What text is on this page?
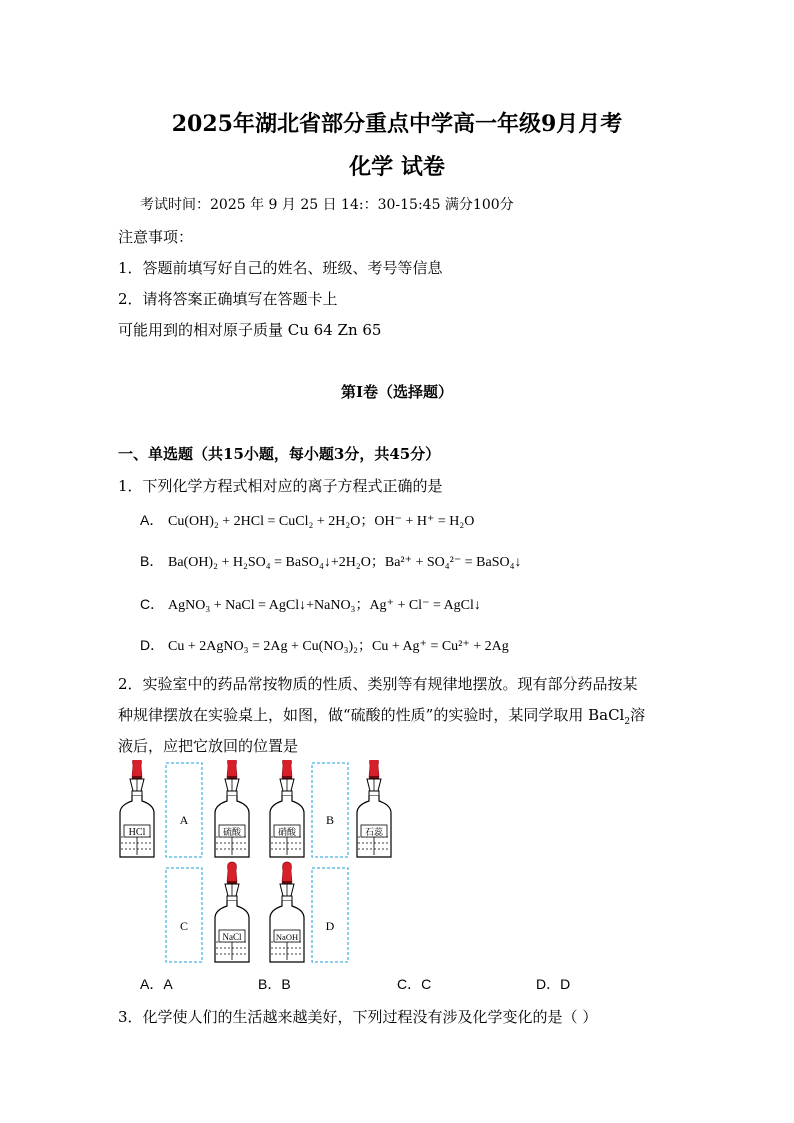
2025年湖北省部分重点中学高一年级9月月考
化学 试卷
考试时间：2025 年 9 月 25 日 14:：30-15:45 满分100分
注意事项：
1．答题前填写好自己的姓名、班级、考号等信息
2．请将答案正确填写在答题卡上
可能用到的相对原子质量 Cu 64 Zn 65
第I卷（选择题）
一、单选题（共15小题，每小题3分，共45分）
1．下列化学方程式相对应的离子方程式正确的是
A． Cu(OH)₂ + 2HCl = CuCl₂ + 2H₂O；OH⁻ + H⁺ = H₂O
B． Ba(OH)₂ + H₂SO₄ = BaSO₄↓+2H₂O；Ba²⁺ + SO₄²⁻ = BaSO₄↓
C． AgNO₃ + NaCl = AgCl↓+NaNO₃；Ag⁺ + Cl⁻ = AgCl↓
D． Cu + 2AgNO₃ = 2Ag + Cu(NO₃)₂；Cu + Ag⁺ = Cu²⁺ + 2Ag
2．实验室中的药品常按物质的性质、类别等有规律地摆放。现有部分药品按某
种规律摆放在实验桌上，如图，做“硫酸的性质”的实验时，某同学取用 BaCl$_2$溶
液后，应把它放回的位置是
HCl	硫酸	硝酸	石蕊
NaCl	NaOH
A	B
C	D
A．A	B．B	C．C	D．D
3．化学使人们的生活越来越美好，下列过程没有涉及化学变化的是（ ）
